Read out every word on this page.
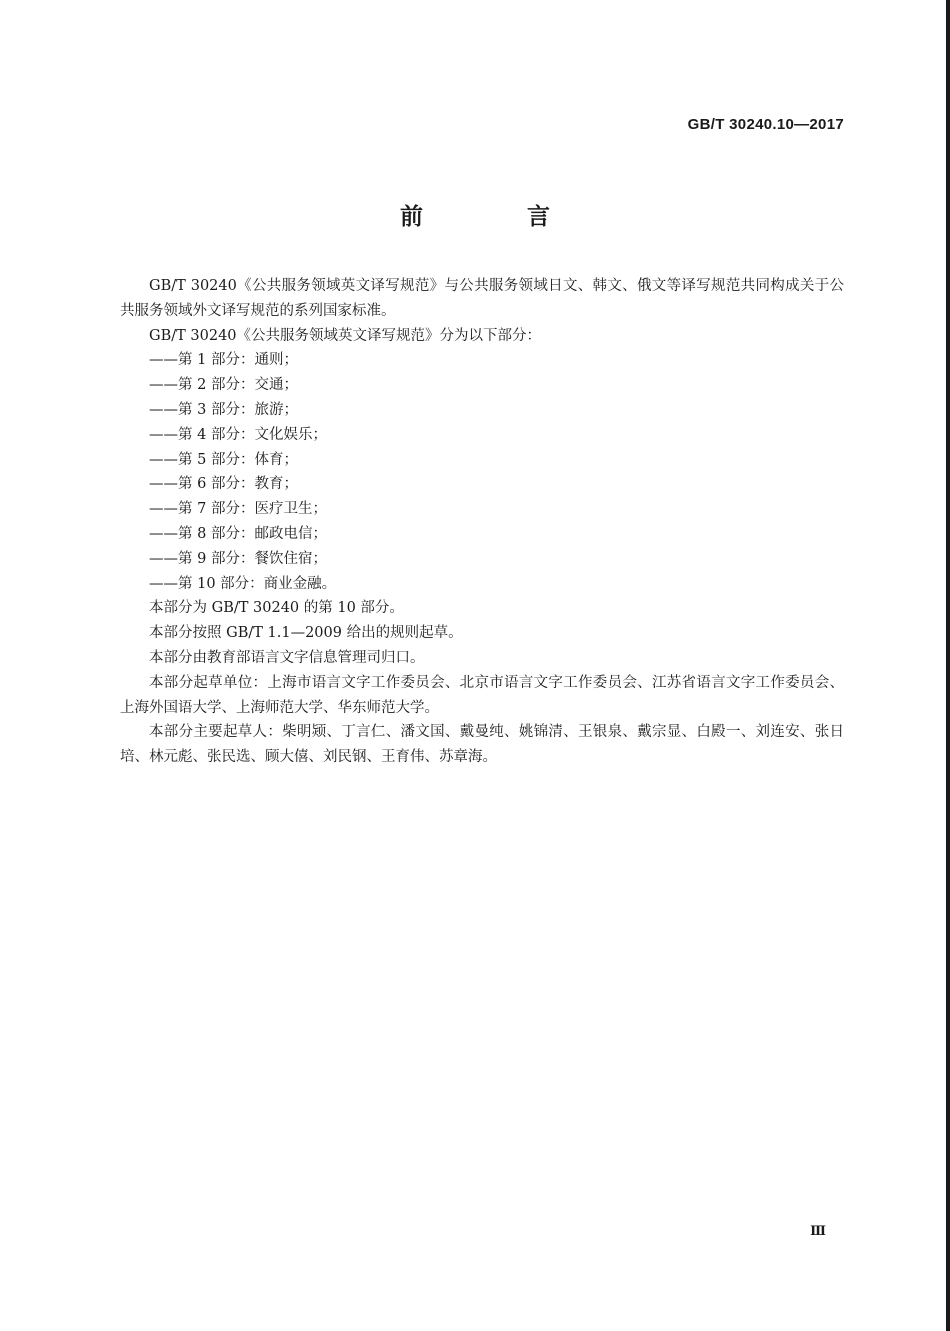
GB/T 30240.10—2017
前 言

GB/T 30240《公共服务领域英文译写规范》与公共服务领域日文、韩文、俄文等译写规范共同构成关于公共服务领域外文译写规范的系列国家标准。

GB/T 30240《公共服务领域英文译写规范》分为以下部分：

——第 1 部分：通则；

——第 2 部分：交通；

——第 3 部分：旅游；

——第 4 部分：文化娱乐；

——第 5 部分：体育；

——第 6 部分：教育；

——第 7 部分：医疗卫生；

——第 8 部分：邮政电信；

——第 9 部分：餐饮住宿；

——第 10 部分：商业金融。

本部分为 GB/T 30240 的第 10 部分。

本部分按照 GB/T 1.1—2009 给出的规则起草。

本部分由教育部语言文字信息管理司归口。

本部分起草单位：上海市语言文字工作委员会、北京市语言文字工作委员会、江苏省语言文字工作委员会、上海外国语大学、上海师范大学、华东师范大学。

本部分主要起草人：柴明颎、丁言仁、潘文国、戴曼纯、姚锦清、王银泉、戴宗显、白殿一、刘连安、张日培、林元彪、张民选、顾大僖、刘民钢、王育伟、苏章海。

Ⅲ
